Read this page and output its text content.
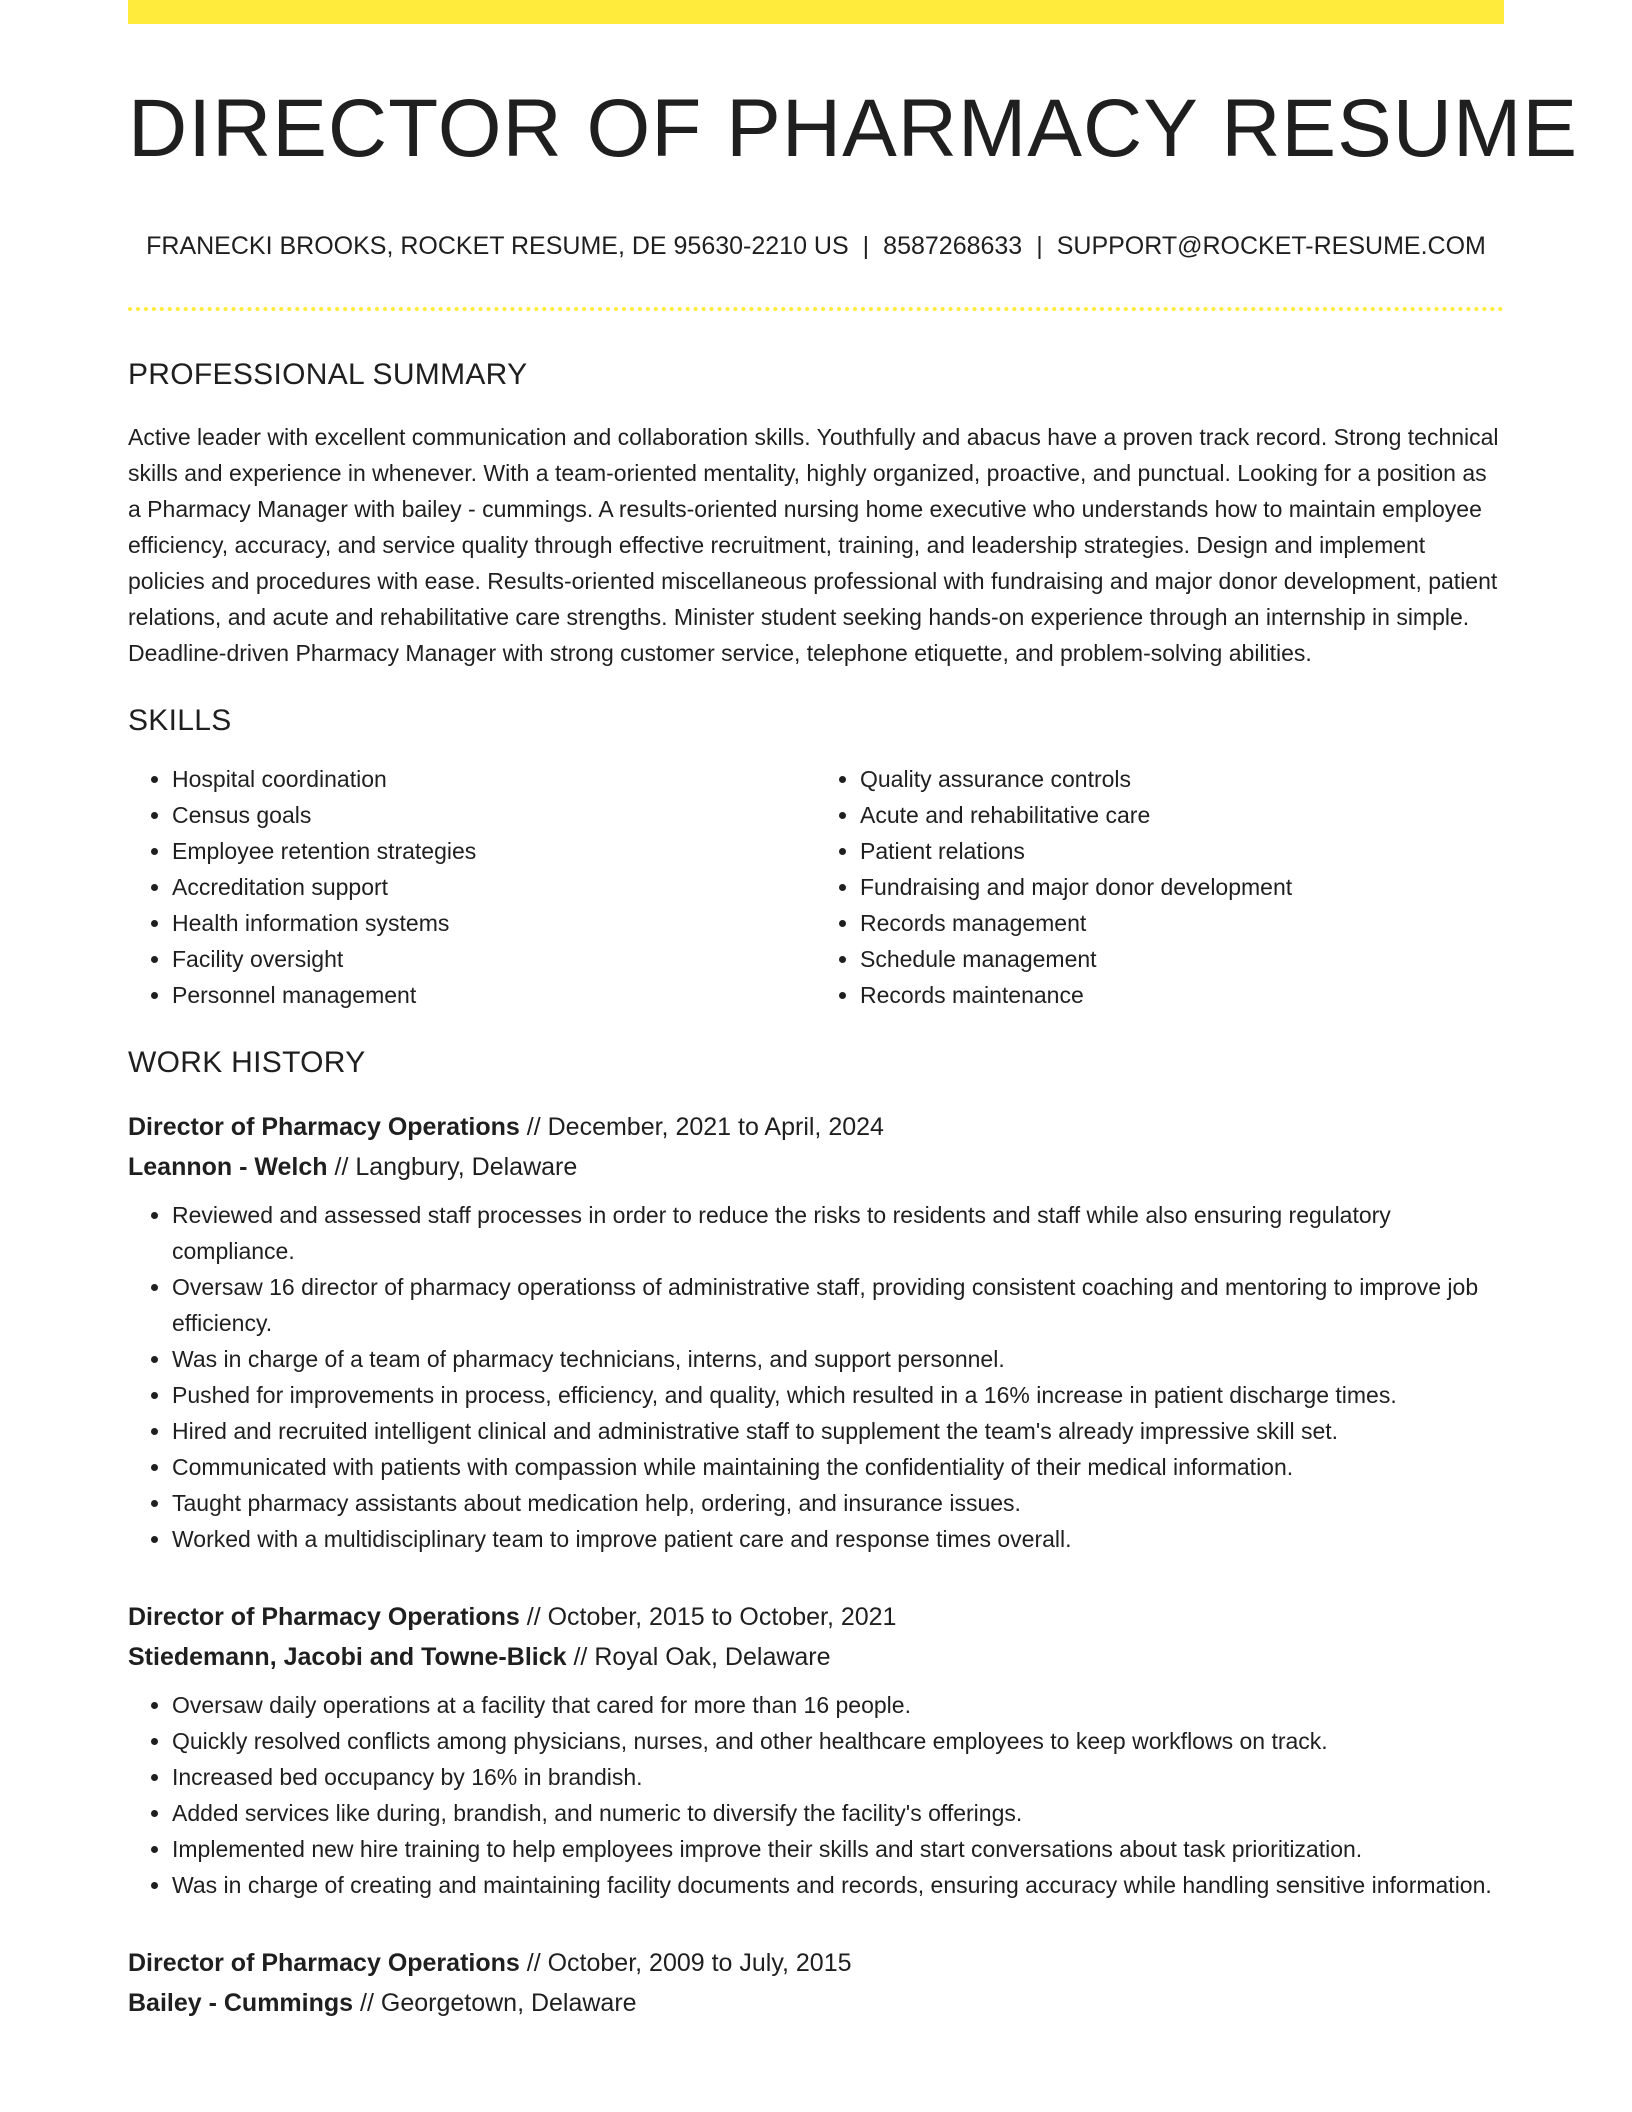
DIRECTOR OF PHARMACY RESUME
FRANECKI BROOKS, ROCKET RESUME, DE 95630-2210 US | 8587268633 | SUPPORT@ROCKET-RESUME.COM
PROFESSIONAL SUMMARY

Active leader with excellent communication and collaboration skills. Youthfully and abacus have a proven track record. Strong technical skills and experience in whenever. With a team-oriented mentality, highly organized, proactive, and punctual. Looking for a position as a Pharmacy Manager with bailey - cummings. A results-oriented nursing home executive who understands how to maintain employee efficiency, accuracy, and service quality through effective recruitment, training, and leadership strategies. Design and implement policies and procedures with ease. Results-oriented miscellaneous professional with fundraising and major donor development, patient relations, and acute and rehabilitative care strengths. Minister student seeking hands-on experience through an internship in simple. Deadline-driven Pharmacy Manager with strong customer service, telephone etiquette, and problem-solving abilities.

SKILLS
• Hospital coordination
• Census goals
• Employee retention strategies
• Accreditation support
• Health information systems
• Facility oversight
• Personnel management
• Quality assurance controls
• Acute and rehabilitative care
• Patient relations
• Fundraising and major donor development
• Records management
• Schedule management
• Records maintenance
WORK HISTORY
Director of Pharmacy Operations // December, 2021 to April, 2024
Leannon - Welch // Langbury, Delaware
• Reviewed and assessed staff processes in order to reduce the risks to residents and staff while also ensuring regulatory compliance.
• Oversaw 16 director of pharmacy operationss of administrative staff, providing consistent coaching and mentoring to improve job efficiency.
• Was in charge of a team of pharmacy technicians, interns, and support personnel.
• Pushed for improvements in process, efficiency, and quality, which resulted in a 16% increase in patient discharge times.
• Hired and recruited intelligent clinical and administrative staff to supplement the team's already impressive skill set.
• Communicated with patients with compassion while maintaining the confidentiality of their medical information.
• Taught pharmacy assistants about medication help, ordering, and insurance issues.
• Worked with a multidisciplinary team to improve patient care and response times overall.
Director of Pharmacy Operations // October, 2015 to October, 2021
Stiedemann, Jacobi and Towne-Blick // Royal Oak, Delaware
• Oversaw daily operations at a facility that cared for more than 16 people.
• Quickly resolved conflicts among physicians, nurses, and other healthcare employees to keep workflows on track.
• Increased bed occupancy by 16% in brandish.
• Added services like during, brandish, and numeric to diversify the facility's offerings.
• Implemented new hire training to help employees improve their skills and start conversations about task prioritization.
• Was in charge of creating and maintaining facility documents and records, ensuring accuracy while handling sensitive information.
Director of Pharmacy Operations // October, 2009 to July, 2015
Bailey - Cummings // Georgetown, Delaware
